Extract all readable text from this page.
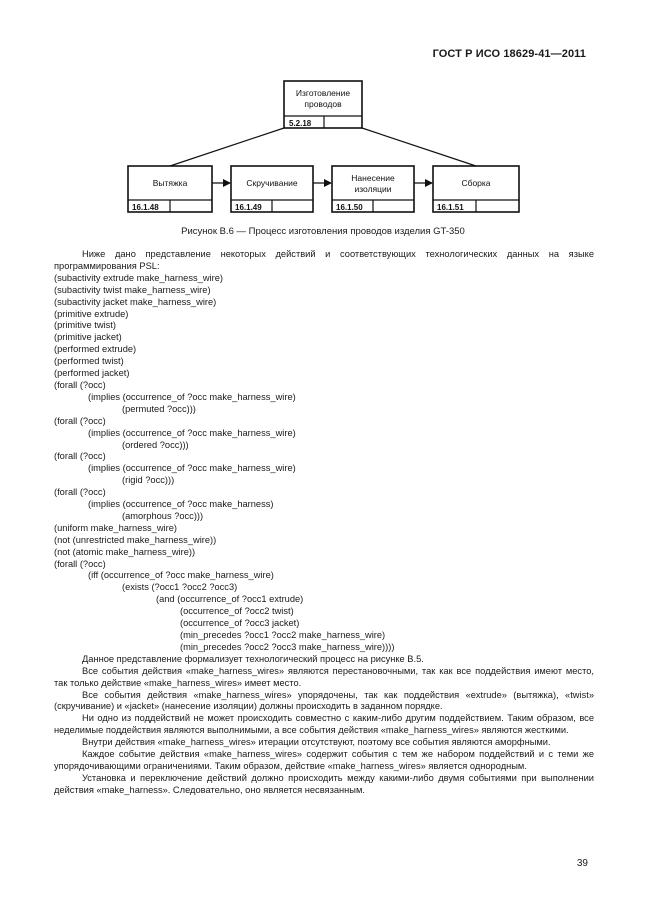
ГОСТ Р ИСО 18629-41—2011
Изготовление
проводов
5.2.18
Вытяжка
16.1.48
Скручивание
16.1.49
Нанесение
изоляции
16.1.50
Сборка
16.1.51
Рисунок В.6 — Процесс изготовления проводов изделия GT-350

Ниже дано представление некоторых действий и соответствующих технологических данных на языке программирования PSL:

(subactivity extrude make_harness_wire)
(subactivity twist make_harness_wire)
(subactivity jacket make_harness_wire)
(primitive extrude)
(primitive twist)
(primitive jacket)
(performed extrude)
(performed twist)
(performed jacket)
(forall (?occ)
(implies (occurrence_of ?occ make_harness_wire)
(permuted ?occ)))
(forall (?occ)
(implies (occurrence_of ?occ make_harness_wire)
(ordered ?occ)))
(forall (?occ)
(implies (occurrence_of ?occ make_harness_wire)
(rigid ?occ)))
(forall (?occ)
(implies (occurrence_of ?occ make_harness)
(amorphous ?occ)))
(uniform make_harness_wire)
(not (unrestricted make_harness_wire))
(not (atomic make_harness_wire))
(forall (?occ)
(iff (occurrence_of ?occ make_harness_wire)
(exists (?occ1 ?occ2 ?occ3)
(and (occurrence_of ?occ1 extrude)
(occurrence_of ?occ2 twist)
(occurrence_of ?occ3 jacket)
(min_precedes ?occ1 ?occ2 make_harness_wire)
(min_precedes ?occ2 ?occ3 make_harness_wire))))

Данное представление формализует технологический процесс на рисунке В.5.

Все события действия «make_harness_wires» являются перестановочными, так как все поддействия имеют место, так только действие «make_harness_wires» имеет место.

Все события действия «make_harness_wires» упорядочены, так как поддействия «extrude» (вытяжка), «twist» (скручивание) и «jacket» (нанесение изоляции) должны происходить в заданном порядке.

Ни одно из поддействий не может происходить совместно с каким-либо другим поддействием. Таким образом, все неделимые поддействия являются выполнимыми, а все события действия «make_harness_wires» являются жесткими.

Внутри действия «make_harness_wires» итерации отсутствуют, поэтому все события являются аморфными.

Каждое событие действия «make_harness_wires» содержит события с тем же набором поддействий и с теми же упорядочивающими ограничениями. Таким образом, действие «make_harness_wires» является однородным.

Установка и переключение действий должно происходить между какими-либо двумя событиями при выполнении действия «make_harness». Следовательно, оно является несвязанным.

39
